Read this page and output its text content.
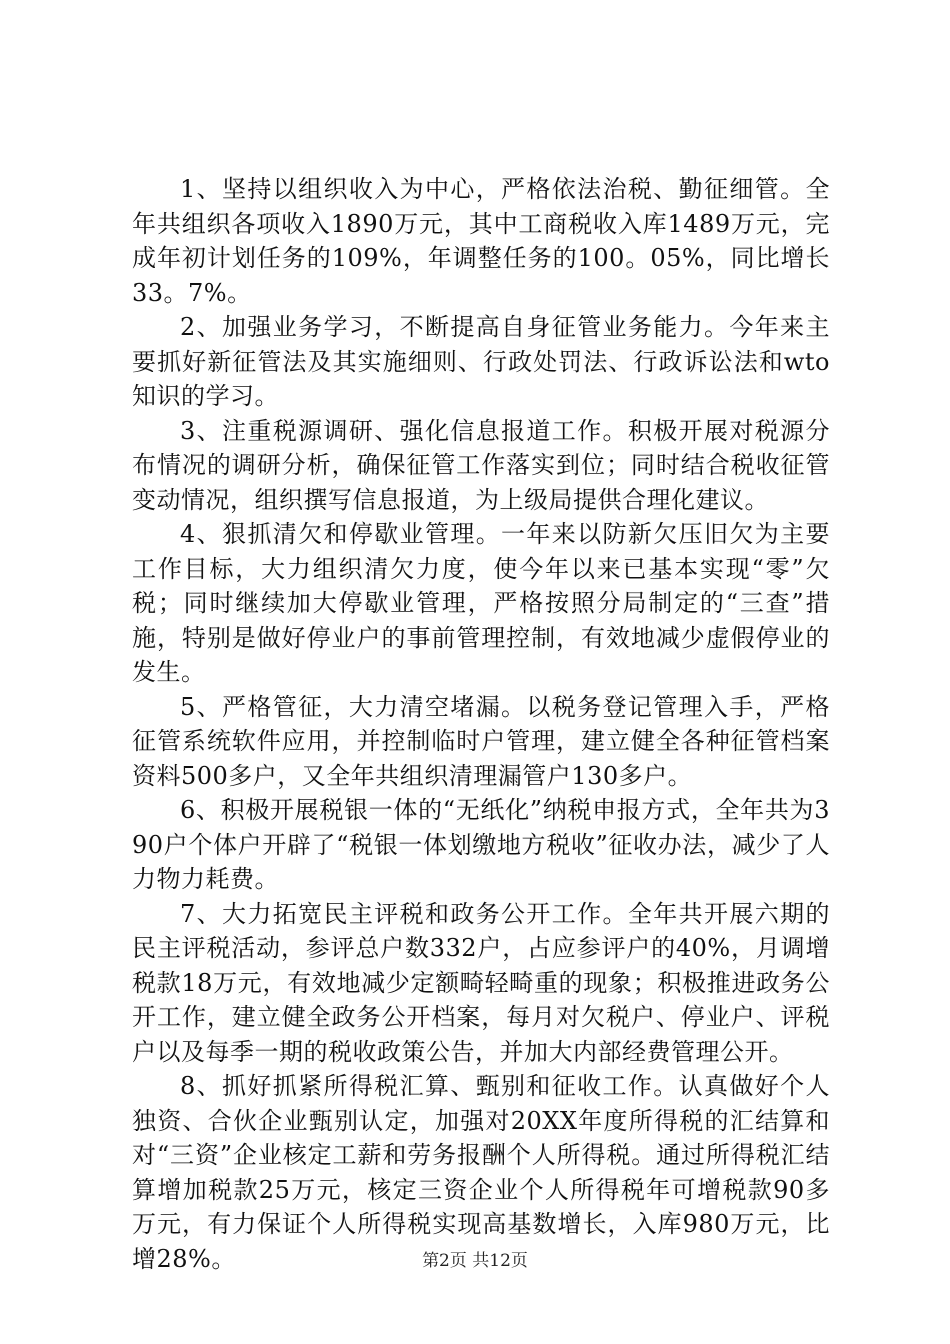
1、坚持以组织收入为中心，严格依法治税、勤征细管。全年共组织各项收入1890万元，其中工商税收入库1489万元，完成年初计划任务的109%，年调整任务的100。05%，同比增长33。7%。

2、加强业务学习，不断提高自身征管业务能力。今年来主要抓好新征管法及其实施细则、行政处罚法、行政诉讼法和wto知识的学习。

3、注重税源调研、强化信息报道工作。积极开展对税源分布情况的调研分析，确保征管工作落实到位；同时结合税收征管变动情况，组织撰写信息报道，为上级局提供合理化建议。

4、狠抓清欠和停歇业管理。一年来以防新欠压旧欠为主要工作目标，大力组织清欠力度，使今年以来已基本实现“零”欠税；同时继续加大停歇业管理，严格按照分局制定的“三查”措施，特别是做好停业户的事前管理控制，有效地减少虚假停业的发生。

5、严格管征，大力清空堵漏。以税务登记管理入手，严格征管系统软件应用，并控制临时户管理，建立健全各种征管档案资料500多户，又全年共组织清理漏管户130多户。

6、积极开展税银一体的“无纸化”纳税申报方式，全年共为390户个体户开辟了“税银一体划缴地方税收”征收办法，减少了人力物力耗费。

7、大力拓宽民主评税和政务公开工作。全年共开展六期的民主评税活动，参评总户数332户，占应参评户的40%，月调增税款18万元，有效地减少定额畸轻畸重的现象；积极推进政务公开工作，建立健全政务公开档案，每月对欠税户、停业户、评税户以及每季一期的税收政策公告，并加大内部经费管理公开。

8、抓好抓紧所得税汇算、甄别和征收工作。认真做好个人独资、合伙企业甄别认定，加强对20XX年度所得税的汇结算和对“三资”企业核定工薪和劳务报酬个人所得税。通过所得税汇结算增加税款25万元，核定三资企业个人所得税年可增税款90多万元，有力保证个人所得税实现高基数增长，入库980万元，比增28%。	第2页 共12页
